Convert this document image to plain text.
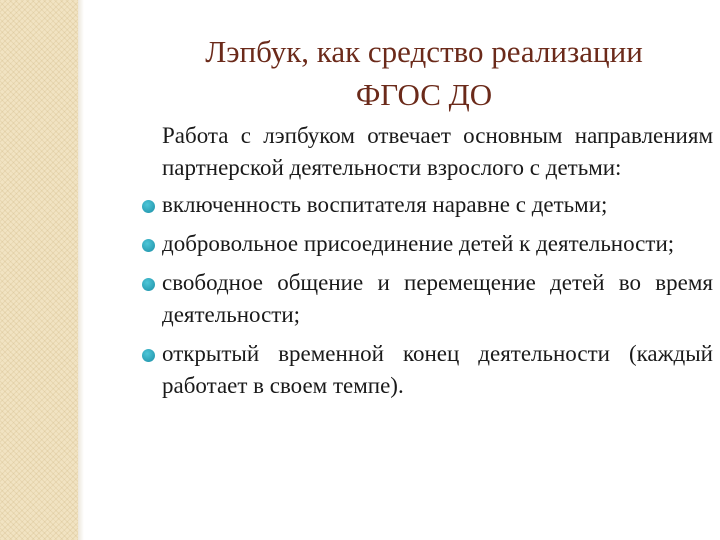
Лэпбук, как средство реализации
ФГОС ДО

Работа с лэпбуком отвечает основным направлениям партнерской деятельности взрослого с детьми:

включенность воспитателя наравне с детьми;
добровольное присоединение детей к деятельности;
свободное общение и перемещение детей во время деятельности;
открытый временной конец деятельности (каждый работает в своем темпе).
